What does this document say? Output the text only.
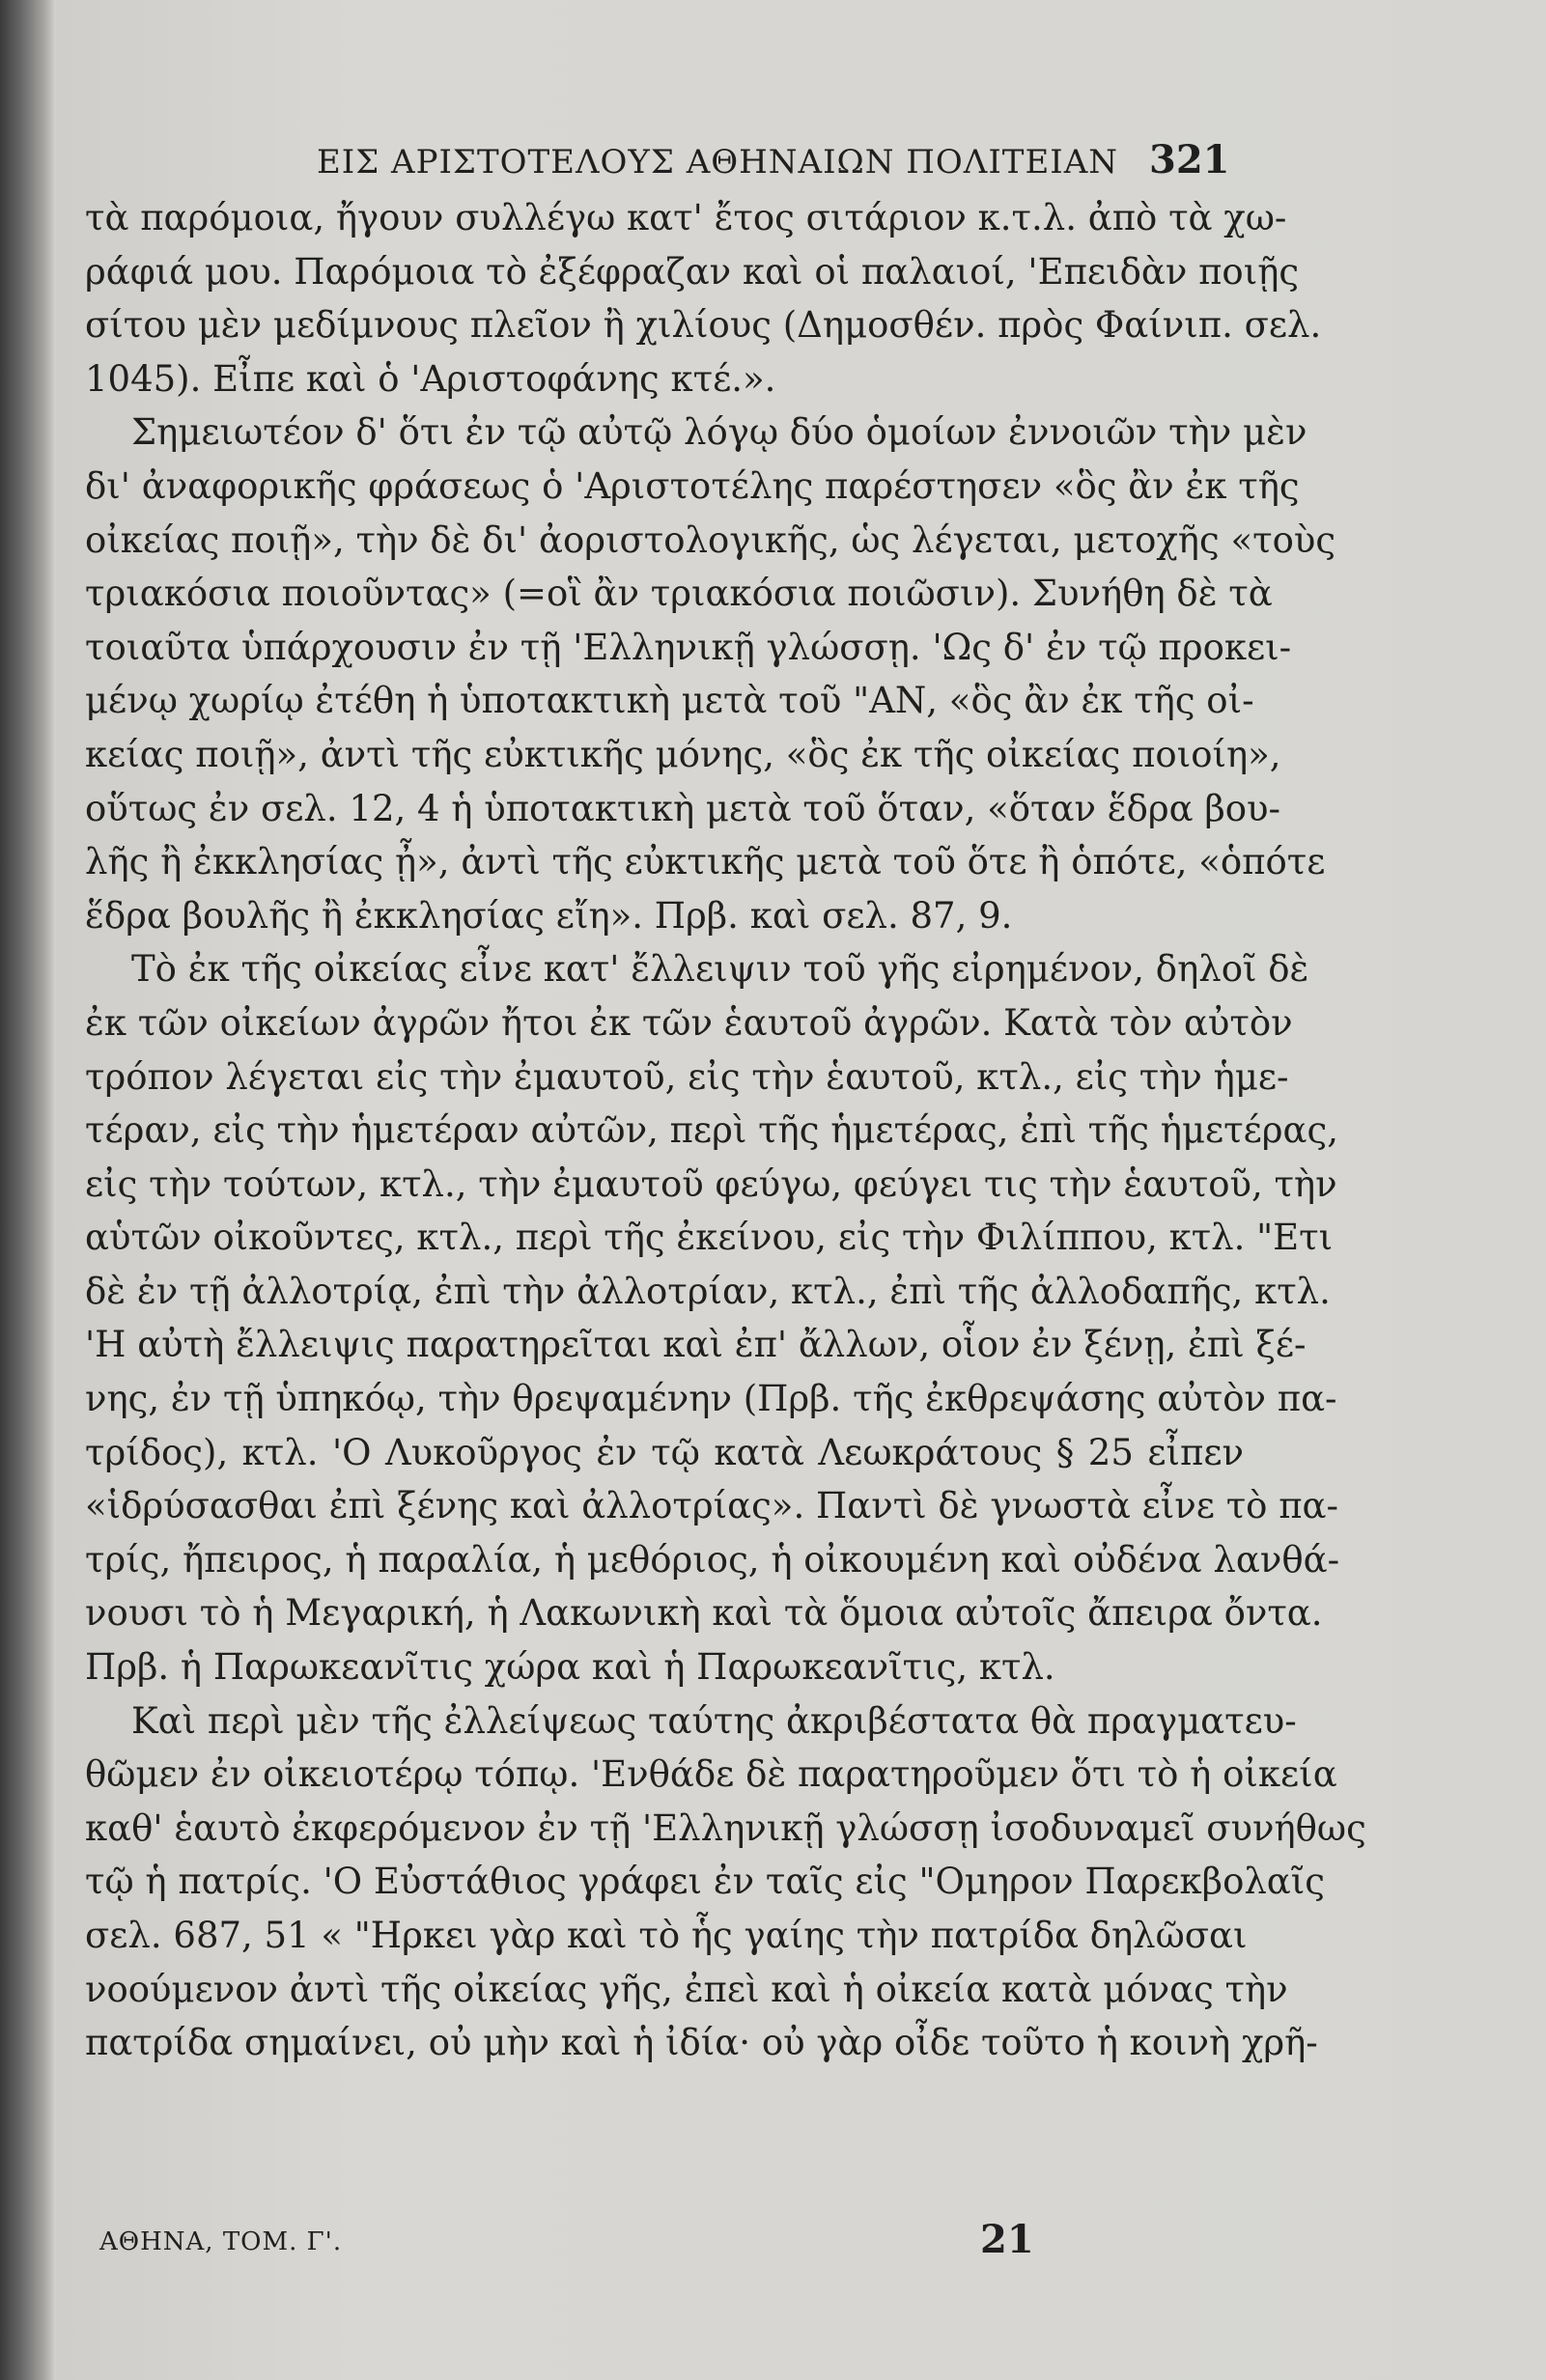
ΕΙΣ ΑΡΙΣΤΟΤΕΛΟΥΣ ΑΘΗΝΑΙΩΝ ΠΟΛΙΤΕΙΑΝ 321
τὰ παρόμοια, ἤγουν συλλέγω κατ' ἔτος σιτάριον κ.τ.λ. ἀπὸ τὰ χω-
ράφιά μου. Παρόμοια τὸ ἐξέφραζαν καὶ οἱ παλαιοί, 'Επειδὰν ποιῇς
σίτου μὲν μεδίμνους πλεῖον ἢ χιλίους (Δημοσθέν. πρὸς Φαίνιπ. σελ.
1045). Εἶπε καὶ ὁ 'Αριστοφάνης κτέ.».
Σημειωτέον δ' ὅτι ἐν τῷ αὐτῷ λόγῳ δύο ὁμοίων ἐννοιῶν τὴν μὲν
δι' ἀναφορικῆς φράσεως ὁ 'Αριστοτέλης παρέστησεν «ὃς ἂν ἐκ τῆς
οἰκείας ποιῇ», τὴν δὲ δι' ἀοριστολογικῆς, ὡς λέγεται, μετοχῆς «τοὺς
τριακόσια ποιοῦντας» (=οἳ ἂν τριακόσια ποιῶσιν). Συνήθη δὲ τὰ
τοιαῦτα ὑπάρχουσιν ἐν τῇ 'Ελληνικῇ γλώσσῃ. 'Ως δ' ἐν τῷ προκει-
μένῳ χωρίῳ ἐτέθη ἡ ὑποτακτικὴ μετὰ τοῦ "ΑΝ, «ὃς ἂν ἐκ τῆς οἰ-
κείας ποιῇ», ἀντὶ τῆς εὐκτικῆς μόνης, «ὃς ἐκ τῆς οἰκείας ποιοίη»,
οὕτως ἐν σελ. 12, 4 ἡ ὑποτακτικὴ μετὰ τοῦ ὅταν, «ὅταν ἕδρα βου-
λῆς ἢ ἐκκλησίας ᾖ», ἀντὶ τῆς εὐκτικῆς μετὰ τοῦ ὅτε ἢ ὁπότε, «ὁπότε
ἕδρα βουλῆς ἢ ἐκκλησίας εἴη». Πρβ. καὶ σελ. 87, 9.
Τὸ ἐκ τῆς οἰκείας εἶνε κατ' ἔλλειψιν τοῦ γῆς εἰρημένον, δηλοῖ δὲ
ἐκ τῶν οἰκείων ἀγρῶν ἤτοι ἐκ τῶν ἑαυτοῦ ἀγρῶν. Κατὰ τὸν αὐτὸν
τρόπον λέγεται εἰς τὴν ἐμαυτοῦ, εἰς τὴν ἑαυτοῦ, κτλ., εἰς τὴν ἡμε-
τέραν, εἰς τὴν ἡμετέραν αὐτῶν, περὶ τῆς ἡμετέρας, ἐπὶ τῆς ἡμετέρας,
εἰς τὴν τούτων, κτλ., τὴν ἐμαυτοῦ φεύγω, φεύγει τις τὴν ἑαυτοῦ, τὴν
αὑτῶν οἰκοῦντες, κτλ., περὶ τῆς ἐκείνου, εἰς τὴν Φιλίππου, κτλ. "Ετι
δὲ ἐν τῇ ἀλλοτρίᾳ, ἐπὶ τὴν ἀλλοτρίαν, κτλ., ἐπὶ τῆς ἀλλοδαπῆς, κτλ.
'Η αὐτὴ ἔλλειψις παρατηρεῖται καὶ ἐπ' ἄλλων, οἷον ἐν ξένῃ, ἐπὶ ξέ-
νης, ἐν τῇ ὑπηκόῳ, τὴν θρεψαμένην (Πρβ. τῆς ἐκθρεψάσης αὐτὸν πα-
τρίδος), κτλ. 'Ο Λυκοῦργος ἐν τῷ κατὰ Λεωκράτους § 25 εἶπεν
«ἱδρύσασθαι ἐπὶ ξένης καὶ ἀλλοτρίας». Παντὶ δὲ γνωστὰ εἶνε τὸ πα-
τρίς, ἤπειρος, ἡ παραλία, ἡ μεθόριος, ἡ οἰκουμένη καὶ οὐδένα λανθά-
νουσι τὸ ἡ Μεγαρική, ἡ Λακωνικὴ καὶ τὰ ὅμοια αὐτοῖς ἄπειρα ὄντα.
Πρβ. ἡ Παρωκεανῖτις χώρα καὶ ἡ Παρωκεανῖτις, κτλ.
Καὶ περὶ μὲν τῆς ἐλλείψεως ταύτης ἀκριβέστατα θὰ πραγματευ-
θῶμεν ἐν οἰκειοτέρῳ τόπῳ. 'Ενθάδε δὲ παρατηροῦμεν ὅτι τὸ ἡ οἰκεία
καθ' ἑαυτὸ ἐκφερόμενον ἐν τῇ 'Ελληνικῇ γλώσσῃ ἰσοδυναμεῖ συνήθως
τῷ ἡ πατρίς. 'Ο Εὐστάθιος γράφει ἐν ταῖς εἰς "Ομηρον Παρεκβολαῖς
σελ. 687, 51 « "Ηρκει γὰρ καὶ τὸ ἧς γαίης τὴν πατρίδα δηλῶσαι
νοούμενον ἀντὶ τῆς οἰκείας γῆς, ἐπεὶ καὶ ἡ οἰκεία κατὰ μόνας τὴν
πατρίδα σημαίνει, οὐ μὴν καὶ ἡ ἰδία· οὐ γὰρ οἶδε τοῦτο ἡ κοινὴ χρῆ-
ΑΘΗΝΑ, ΤΟΜ. Γ'.	21
